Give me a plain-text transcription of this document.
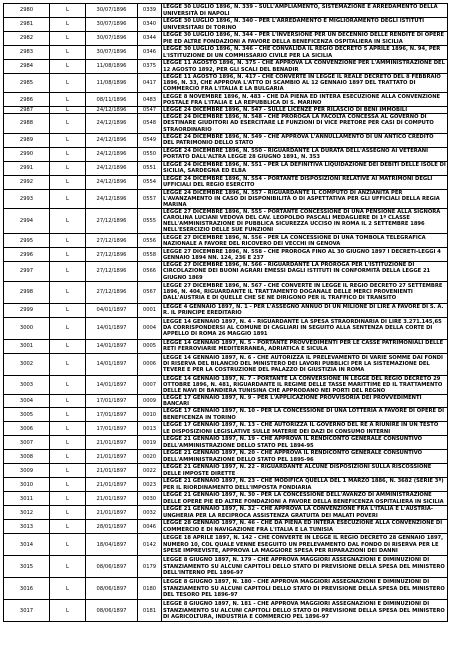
2980	L	30/07/1896	0339	LEGGE 30 LUGLIO 1896, N. 339 - SULL'AMPLIAMENTO, SISTEMAZIONE E ARREDAMENTO DELLA UNIVERSITÀ DI NAPOLI
2981	L	30/07/1896	0340	LEGGE 30 LUGLIO 1896, N. 340 - PER L'ARREDAMENTO E MIGLIORAMENTO DEGLI ISTITUTI UNIVERSITARI DI TORINO
2982	L	30/07/1896	0344	LEGGE 30 LUGLIO 1896, N. 344 - PER L'INVERSIONE PER UN DECENNIO DELLE RENDITE DI OPERE PIE ED ALTRE FONDAZIONI A FAVORE DELLA BENEFICENZA OSPITALIERA IN SICILIA
2983	L	30/07/1896	0346	LEGGE 30 LUGLIO 1896, N. 346 - CHE CONVALIDA IL REGIO DECRETO 5 APRILE 1896, N. 94, PER L'ISTITUZIONE DI UN COMMISSARIO CIVILE PER LA SICILIA
2984	L	11/08/1896	0375	LEGGE 11 AGOSTO 1896, N. 375 - CHE APPROVA LA CONVENZIONE PER L'AMMINISTRAZIONE DEL 12 AGOSTO 1892, PER GLI SCALI DEL BENADIR
2985	L	11/08/1896	0417	LEGGE 11 AGOSTO 1896, N. 417 - CHE CONVERTE IN LEGGE IL REALE DECRETO DEL 8 FEBBRAIO 1896, N. 33, CHE APPROVA L'ATTO DI SCAMBIO AL 12 GENNAIO 1897 DEL TRATTATO DI COMMERCIO FRA L'ITALIA E LA BULGARIA
2986	L	08/11/1896	0483	LEGGE 8 NOVEMBRE 1896, N. 483 - CHE DÀ PIENA ED INTERA ESECUZIONE ALLA CONVENZIONE POSTALE FRA L'ITALIA E LA REPUBBLICA DI S. MARINO
2987	L	24/12/1896	0547	LEGGE 24 DICEMBRE 1896, N. 547 - SULLE LICENZE PER RILASCIO DI BENI IMMOBILI
2988	L	24/12/1896	0548	LEGGE 24 DICEMBRE 1896, N. 548 - CHE PROROGA LA FACOLTÀ CONCESSA AL GOVERNO DI DESTINARE GIUDITORI AD ESERCITARE LE FUNZIONI DI VICE PRETORE PER CASI DI COMPUTO STRAORDINARIO
2989	L	24/12/1896	0549	LEGGE 24 DICEMBRE 1896, N. 549 - CHE APPROVA L'ANNULLAMENTO DI UN ANTICO CREDITO DEL PATRIMONIO DELLO STATO
2990	L	24/12/1896	0550	LEGGE 24 DICEMBRE 1896, N. 550 - RIGUARDANTE LA DURATA DELL'ASSEGNO AI VETERANI PORTATO DALL'ALTRA LEGGE 28 GIUGNO 1891, N. 353
2991	L	24/12/1896	0551	LEGGE 24 DICEMBRE 1896, N. 551 - PER LA DEFINITIVA LIQUIDAZIONE DEI DEBITI DELLE ISOLE DI SICILIA, SARDEGNA ED ELBA
2992	L	24/12/1896	0554	LEGGE 24 DICEMBRE 1896, N. 554 - PORTANTE DISPOSIZIONI RELATIVE AI MATRIMONI DEGLI UFFICIALI DEL REGIO ESERCITO
2993	L	24/12/1896	0557	LEGGE 24 DICEMBRE 1896, N. 557 - RIGUARDANTE IL COMPUTO DI ANZIANITÀ PER L'AVANZAMENTO IN CASO DI DISPONIBILITÀ O DI ASPETTATIVA PER GLI UFFICIALI DELLA REGIA MARINA
2994	L	27/12/1896	0555	LEGGE 27 DICEMBRE 1896, N. 555 - PORTANTE CONCESSIONE DI UNA PENSIONE ALLA SIGNORA CAROLINA LUCIANI VEDOVA DEL CAV. LEOPOLDO PASCALI MEDAGLIERE DI 1ª CLASSE NELL'AMMINISTRAZIONE DI PUBBLICA SICUREZZA UCCISO IN ROMA IL 2 SETTEMBRE 1896 NELL'ESERCIZIO DELLE SUE FUNZIONI
2995	L	27/12/1896	0556	LEGGE 27 DICEMBRE 1896, N. 556 - PER LA CONCESSIONE DI UNA TOMBOLA TELEGRAFICA NAZIONALE A FAVORE DEL RICOVERO DEI VECCHI IN GENOVA
2996	L	27/12/1896	0558	LEGGE 27 DICEMBRE 1896, N. 558 - CHE PROROGA FINO AL 30 GIUGNO 1897 I DECRETI-LEGGI 4 GENNAIO 1894 NN. 124, 236 E 237
2997	L	27/12/1896	0566	LEGGE 27 DICEMBRE 1896, N. 566 - RIGUARDANTE LA PROROGA PER L'ISTITUZIONE DI CIRCOLAZIONE DEI BUONI AGRARI EMESSI DAGLI ISTITUTI IN CONFORMITÀ DELLA LEGGE 21 GIUGNO 1869
2998	L	27/12/1896	0567	LEGGE 27 DICEMBRE 1896, N. 567 - CHE CONVERTE IN LEGGE IL REGIO DECRETO 27 SETTEMBRE 1896, N. 404, RIGUARDANTE IL TRATTAMENTO DOGANALE DELLE MERCI PROVENIENTI DALL'AUSTRIA E DI QUELLE CHE SE NE DIRIGONO PER IL TRAFFICO DI TRANSITO
2999	L	04/01/1897	0001	LEGGE 4 GENNAIO 1897, N. 1 - PER L'ASSEGNO ANNUO DI UN MILIONE DI LIRE A FAVORE DI S. A. R. IL PRINCIPE EREDITARIO
3000	L	14/01/1897	0004	LEGGE 14 GENNAIO 1897, N. 4 - RIGUARDANTE LA SPESA STRAORDINARIA DI LIRE 3.271.145,65 DA CORRISPONDERSI AL COMUNE DI CAGLIARI IN SEGUITO ALLA SENTENZA DELLA CORTE DI APPELLO DI ROMA 26 MAGGIO 1891
3001	L	14/01/1897	0005	LEGGE 14 GENNAIO 1897, N. 5 - PORTANTE PROVVEDIMENTI PER LE CASSE PATRIMONIALI DELLE RETI FERROVIARIE MEDITERRANEA, ADRIATICA E SICULA
3002	L	14/01/1897	0006	LEGGE 14 GENNAIO 1897, N. 6 - CHE AUTORIZZA IL PRELEVAMENTO DI VARIE SOMME DAI FONDI DI RISERVA DEL BILANCIO DEL MINISTERO DEI LAVORI PUBBLICI PER LA SISTEMAZIONE DEL TEVERE E PER LA COSTRUZIONE DEL PALAZZO DI GIUSTIZIA IN ROMA
3003	L	14/01/1897	0007	LEGGE 14 GENNAIO 1897, N. 7 - PORTANTE LA CONVERSIONE IN LEGGE DEL REGIO DECRETO 29 OTTOBRE 1896, N. 481, RIGUARDANTE IL REGIME DELLE TASSE MARITTIME ED IL TRATTAMENTO DELLE NAVI DI BANDIERA TUNISINA CHE APPRODANO NEI PORTI DEL REGNO
3004	L	17/01/1897	0009	LEGGE 17 GENNAIO 1897, N. 9 - PER L'APPLICAZIONE PROVVISORIA DEI PROVVEDIMENTI BANCARI
3005	L	17/01/1897	0010	LEGGE 17 GENNAIO 1897, N. 10 - PER LA CONCESSIONE DI UNA LOTTERIA A FAVORE DI OPERE DI BENEFICENZA IN TORINO
3006	L	17/01/1897	0013	LEGGE 17 GENNAIO 1897, N. 13 - CHE AUTORIZZA IL GOVERNO DEL RE A RIUNIRE IN UN TESTO LE DISPOSIZIONI LEGISLATIVE SULLE MATERIE DEI DAZI DI CONSUMO INTERNI
3007	L	21/01/1897	0019	LEGGE 21 GENNAIO 1897, N. 19 - CHE APPROVA IL RENDICONTO GENERALE CONSUNTIVO DELL'AMMINISTRAZIONE DELLO STATO PEL 1894-95
3008	L	21/01/1897	0020	LEGGE 21 GENNAIO 1897, N. 20 - CHE APPROVA IL RENDICONTO GENERALE CONSUNTIVO DELL'AMMINISTRAZIONE DELLO STATO PEL 1895-96
3009	L	21/01/1897	0022	LEGGE 21 GENNAIO 1897, N. 22 - RIGUARDANTE ALCUNE DISPOSIZIONI SULLA RISCOSSIONE DELLE IMPOSTE DIRETTE
3010	L	21/01/1897	0023	LEGGE 21 GENNAIO 1897, N. 23 - CHE MODIFICA QUELLA DEL 1 MARZO 1886, N. 3682 (SERIE 3ª) PER IL RIORDINAMENTO DELL'IMPOSTA FONDIARIA
3011	L	21/01/1897	0030	LEGGE 21 GENNAIO 1897, N. 30 - PER LA CONCESSIONE DELL'AVANZO DI AMMINISTRAZIONE DELLE OPERE PIE ED ALTRE FONDAZIONI A FAVORE DELLA BENEFICENZA OSPITALIERA IN SICILIA
3012	L	21/01/1897	0032	LEGGE 21 GENNAIO 1897, N. 32 - CHE APPROVA LA CONVENZIONE FRA L'ITALIA E L'AUSTRIA-UNGHERIA PER LA RECIPROCA ASSISTENZA GRATUITA DEI MALATI POVERI
3013	L	28/01/1897	0046	LEGGE 28 GENNAIO 1897, N. 46 - CHE DÀ PIENA ED INTERA ESECUZIONE ALLA CONVENZIONE DI COMMERCIO E DI NAVIGAZIONE FRA L'ITALIA E LA TUNISIA
3014	L	18/04/1897	0142	LEGGE 18 APRILE 1897, N. 142 - CHE CONVERTE IN LEGGE IL REGIO DECRETO 28 GENNAIO 1897, NUMERO 10, COL QUALE VENNE ESEGUITO UN PRELEVAMENTO DAL FONDO DI RISERVA PER LE SPESE IMPREVISTE, APPROVA LA MAGGIORE SPESA PER RIPARAZIONI DEI DANNI
3015	L	08/06/1897	0179	LEGGE 8 GIUGNO 1897, N. 179 - CHE APPROVA MAGGIORI ASSEGNAZIONI E DIMINUZIONI DI STANZIAMENTO SU ALCUNI CAPITOLI DELLO STATO DI PREVISIONE DELLA SPESA DEL MINISTERO DELL'INTERNO PEL 1896-97
3016	L	08/06/1897	0180	LEGGE 8 GIUGNO 1897, N. 180 - CHE APPROVA MAGGIORI ASSEGNAZIONI E DIMINUZIONI DI STANZIAMENTO SU ALCUNI CAPITOLI DELLO STATO DI PREVISIONE DELLA SPESA DEL MINISTERO DEL TESORO PEL 1896-97
3017	L	08/06/1897	0181	LEGGE 8 GIUGNO 1897, N. 181 - CHE APPROVA MAGGIORI ASSEGNAZIONI E DIMINUZIONI DI STANZIAMENTO SU ALCUNI CAPITOLI DELLO STATO DI PREVISIONE DELLA SPESA DEL MINISTERO DI AGRICOLTURA, INDUSTRIA E COMMERCIO PEL 1896-97
